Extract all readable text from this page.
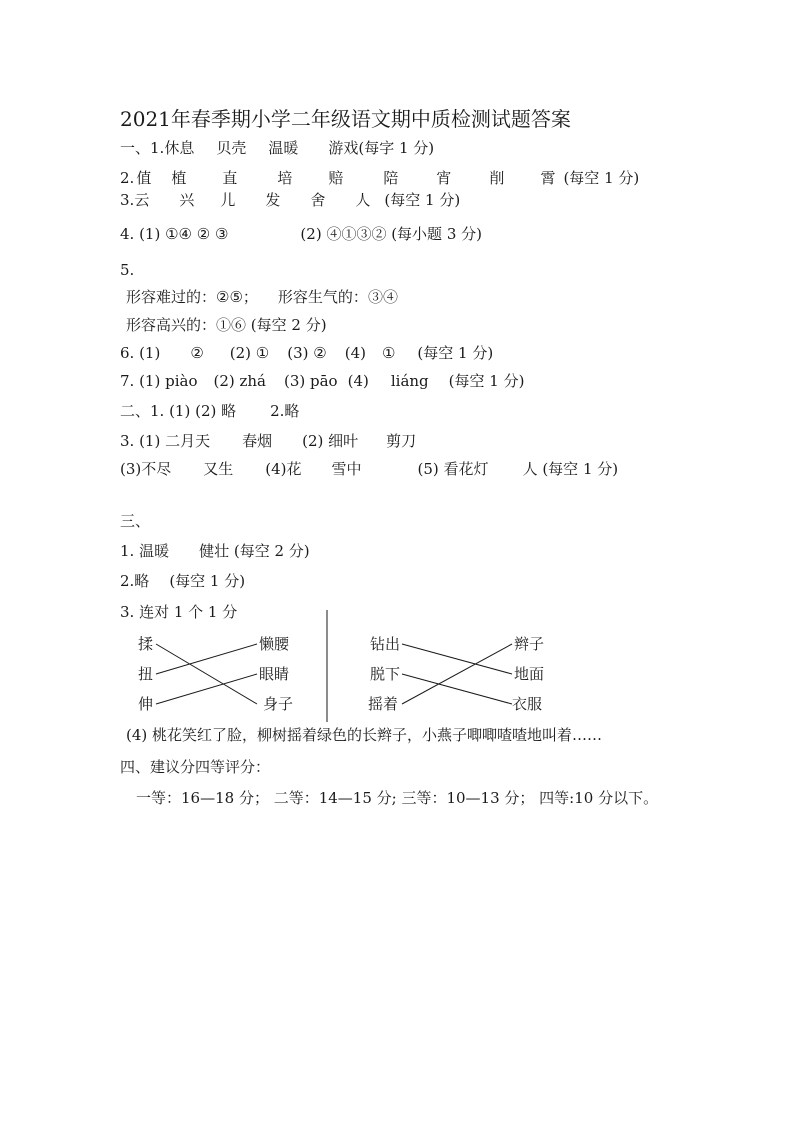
2021年春季期小学二年级语文期中质检测试题答案
一、1.休息 贝壳 温暖 游戏(每字 1 分)
2. 值 植 直	培 赔	陪	宵	削 霄 (每空 1 分)
3.云 兴 儿 发 舍 人 (每空 1 分)
4. (1) ①④ ② ③	(2) ④①③② (每小题 3 分)
5.
形容难过的：②⑤； 形容生气的：③④
形容高兴的：①⑥ (每空 2 分)
6. (1) ② (2) ① (3) ② (4) ① (每空 1 分)
7. (1) piào (2) zhá (3) pāo (4) liáng (每空 1 分)
二、1. (1) (2) 略 2.略
3. (1) 二月天 春烟 (2) 细叶 剪刀
(3)不尽 又生 (4)花 雪中	(5) 看花灯 人 (每空 1 分)
三、
1. 温暖 健壮 (每空 2 分)
2.略 (每空 1 分)
3. 连对 1 个 1 分
揉
扭
伸
懒腰
眼睛
身子
钻出
脱下
摇着
辫子
地面
衣服
(4) 桃花笑红了脸，柳树摇着绿色的长辫子，小燕子唧唧喳喳地叫着……
四、建议分四等评分：
一等：16—18 分； 二等：14—15 分; 三等：10—13 分； 四等:10 分以下。
